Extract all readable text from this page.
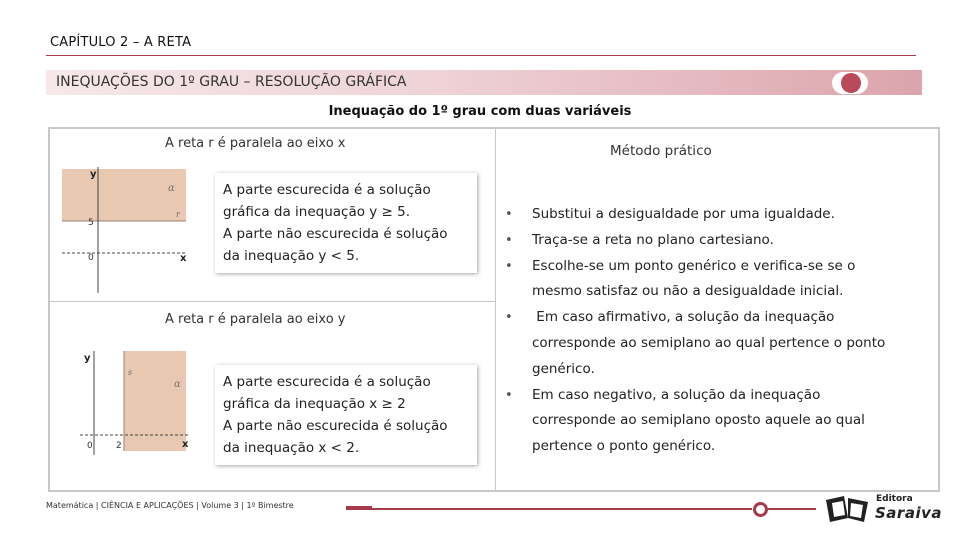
CAPÍTULO 2 – A RETA
INEQUAÇÕES DO 1º GRAU – RESOLUÇÃO GRÁFICA
Inequação do 1º grau com duas variáveis
A reta r é paralela ao eixo x
y
x
5
0
r
α	A parte escurecida é a solução
gráfica da inequação y ≥ 5.
A parte não escurecida é solução
da inequação y < 5.
A reta r é paralela ao eixo y
y
x
2
0
s
α	A parte escurecida é a solução
gráfica da inequação x ≥ 2
A parte não escurecida é solução
da inequação x < 2.
Método prático
• Substitui a desigualdade por uma igualdade.
• Traça-se a reta no plano cartesiano.
• Escolhe-se um ponto genérico e verifica-se se o
mesmo satisfaz ou não a desigualdade inicial.
• Em caso afirmativo, a solução da inequação
corresponde ao semiplano ao qual pertence o ponto
genérico.
• Em caso negativo, a solução da inequação
corresponde ao semiplano oposto aquele ao qual
pertence o ponto genérico.
Matemática | CIÊNCIA E APLICAÇÕES | Volume 3 | 1º Bimestre
Editora
Saraiva
